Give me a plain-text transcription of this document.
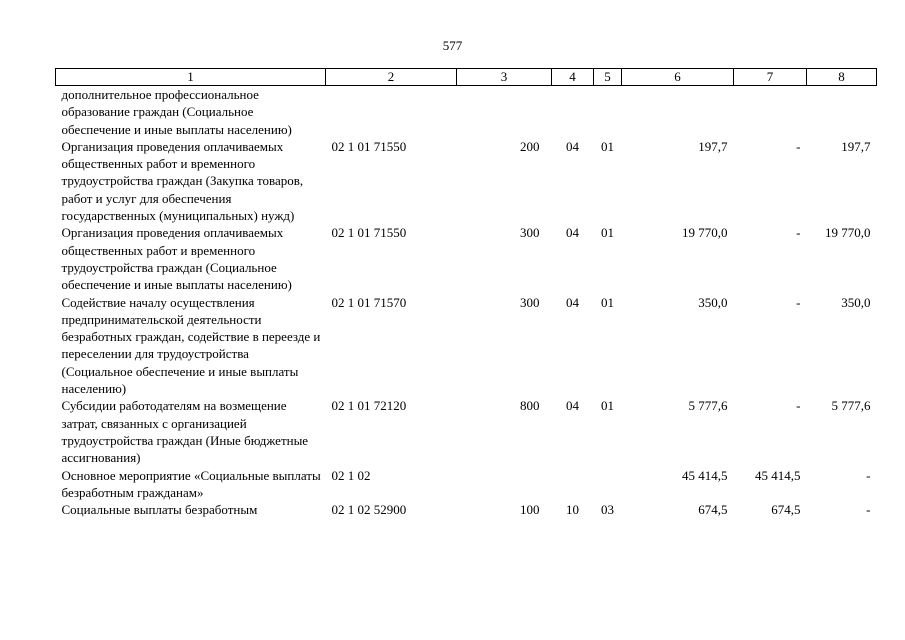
577
1	2	3	4	5	6	7	8
дополнительное профессиональное образование граждан (Социальное обеспечение и иные выплаты населению)							
Организация проведения оплачиваемых общественных работ и временного трудоустройства граждан (Закупка товаров, работ и услуг для обеспечения государственных (муниципальных) нужд)	02 1 01 71550	200	04	01	197,7	-	197,7
Организация проведения оплачиваемых общественных работ и временного трудоустройства граждан (Социальное обеспечение и иные выплаты населению)	02 1 01 71550	300	04	01	19 770,0	-	19 770,0
Содействие началу осуществления предпринимательской деятельности безработных граждан, содействие в переезде и переселении для трудоустройства (Социальное обеспечение и иные выплаты населению)	02 1 01 71570	300	04	01	350,0	-	350,0
Субсидии работодателям на возмещение затрат, связанных с организацией трудоустройства граждан (Иные бюджетные ассигнования)	02 1 01 72120	800	04	01	5 777,6	-	5 777,6
Основное мероприятие «Социальные выплаты безработным гражданам»	02 1 02				45 414,5	45 414,5	-
Социальные выплаты безработным	02 1 02 52900	100	10	03	674,5	674,5	-
